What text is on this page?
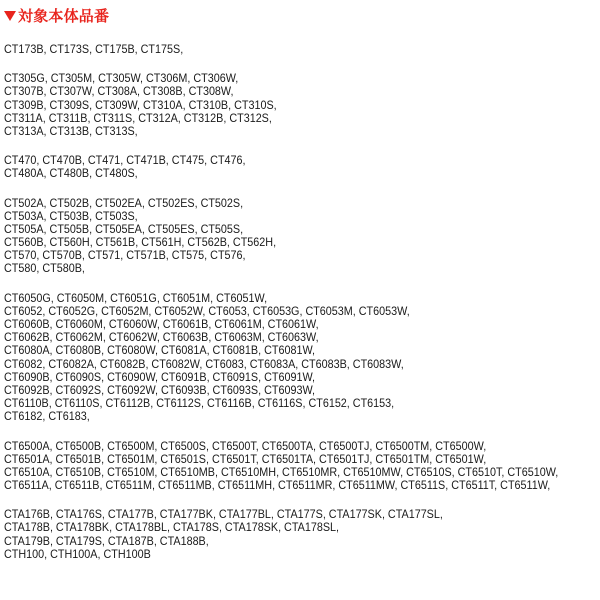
対象本体品番
CT173B, CT173S, CT175B, CT175S,
CT305G, CT305M, CT305W, CT306M, CT306W,
CT307B, CT307W, CT308A, CT308B, CT308W,
CT309B, CT309S, CT309W, CT310A, CT310B, CT310S,
CT311A, CT311B, CT311S, CT312A, CT312B, CT312S,
CT313A, CT313B, CT313S,
CT470, CT470B, CT471, CT471B, CT475, CT476,
CT480A, CT480B, CT480S,
CT502A, CT502B, CT502EA, CT502ES, CT502S,
CT503A, CT503B, CT503S,
CT505A, CT505B, CT505EA, CT505ES, CT505S,
CT560B, CT560H, CT561B, CT561H, CT562B, CT562H,
CT570, CT570B, CT571, CT571B, CT575, CT576,
CT580, CT580B,
CT6050G, CT6050M, CT6051G, CT6051M, CT6051W,
CT6052, CT6052G, CT6052M, CT6052W, CT6053, CT6053G, CT6053M, CT6053W,
CT6060B, CT6060M, CT6060W, CT6061B, CT6061M, CT6061W,
CT6062B, CT6062M, CT6062W, CT6063B, CT6063M, CT6063W,
CT6080A, CT6080B, CT6080W, CT6081A, CT6081B, CT6081W,
CT6082, CT6082A, CT6082B, CT6082W, CT6083, CT6083A, CT6083B, CT6083W,
CT6090B, CT6090S, CT6090W, CT6091B, CT6091S, CT6091W,
CT6092B, CT6092S, CT6092W, CT6093B, CT6093S, CT6093W,
CT6110B, CT6110S, CT6112B, CT6112S, CT6116B, CT6116S, CT6152, CT6153,
CT6182, CT6183,
CT6500A, CT6500B, CT6500M, CT6500S, CT6500T, CT6500TA, CT6500TJ, CT6500TM, CT6500W,
CT6501A, CT6501B, CT6501M, CT6501S, CT6501T, CT6501TA, CT6501TJ, CT6501TM, CT6501W,
CT6510A, CT6510B, CT6510M, CT6510MB, CT6510MH, CT6510MR, CT6510MW, CT6510S, CT6510T, CT6510W,
CT6511A, CT6511B, CT6511M, CT6511MB, CT6511MH, CT6511MR, CT6511MW, CT6511S, CT6511T, CT6511W,
CTA176B, CTA176S, CTA177B, CTA177BK, CTA177BL, CTA177S, CTA177SK, CTA177SL,
CTA178B, CTA178BK, CTA178BL, CTA178S, CTA178SK, CTA178SL,
CTA179B, CTA179S, CTA187B, CTA188B,
CTH100, CTH100A, CTH100B
